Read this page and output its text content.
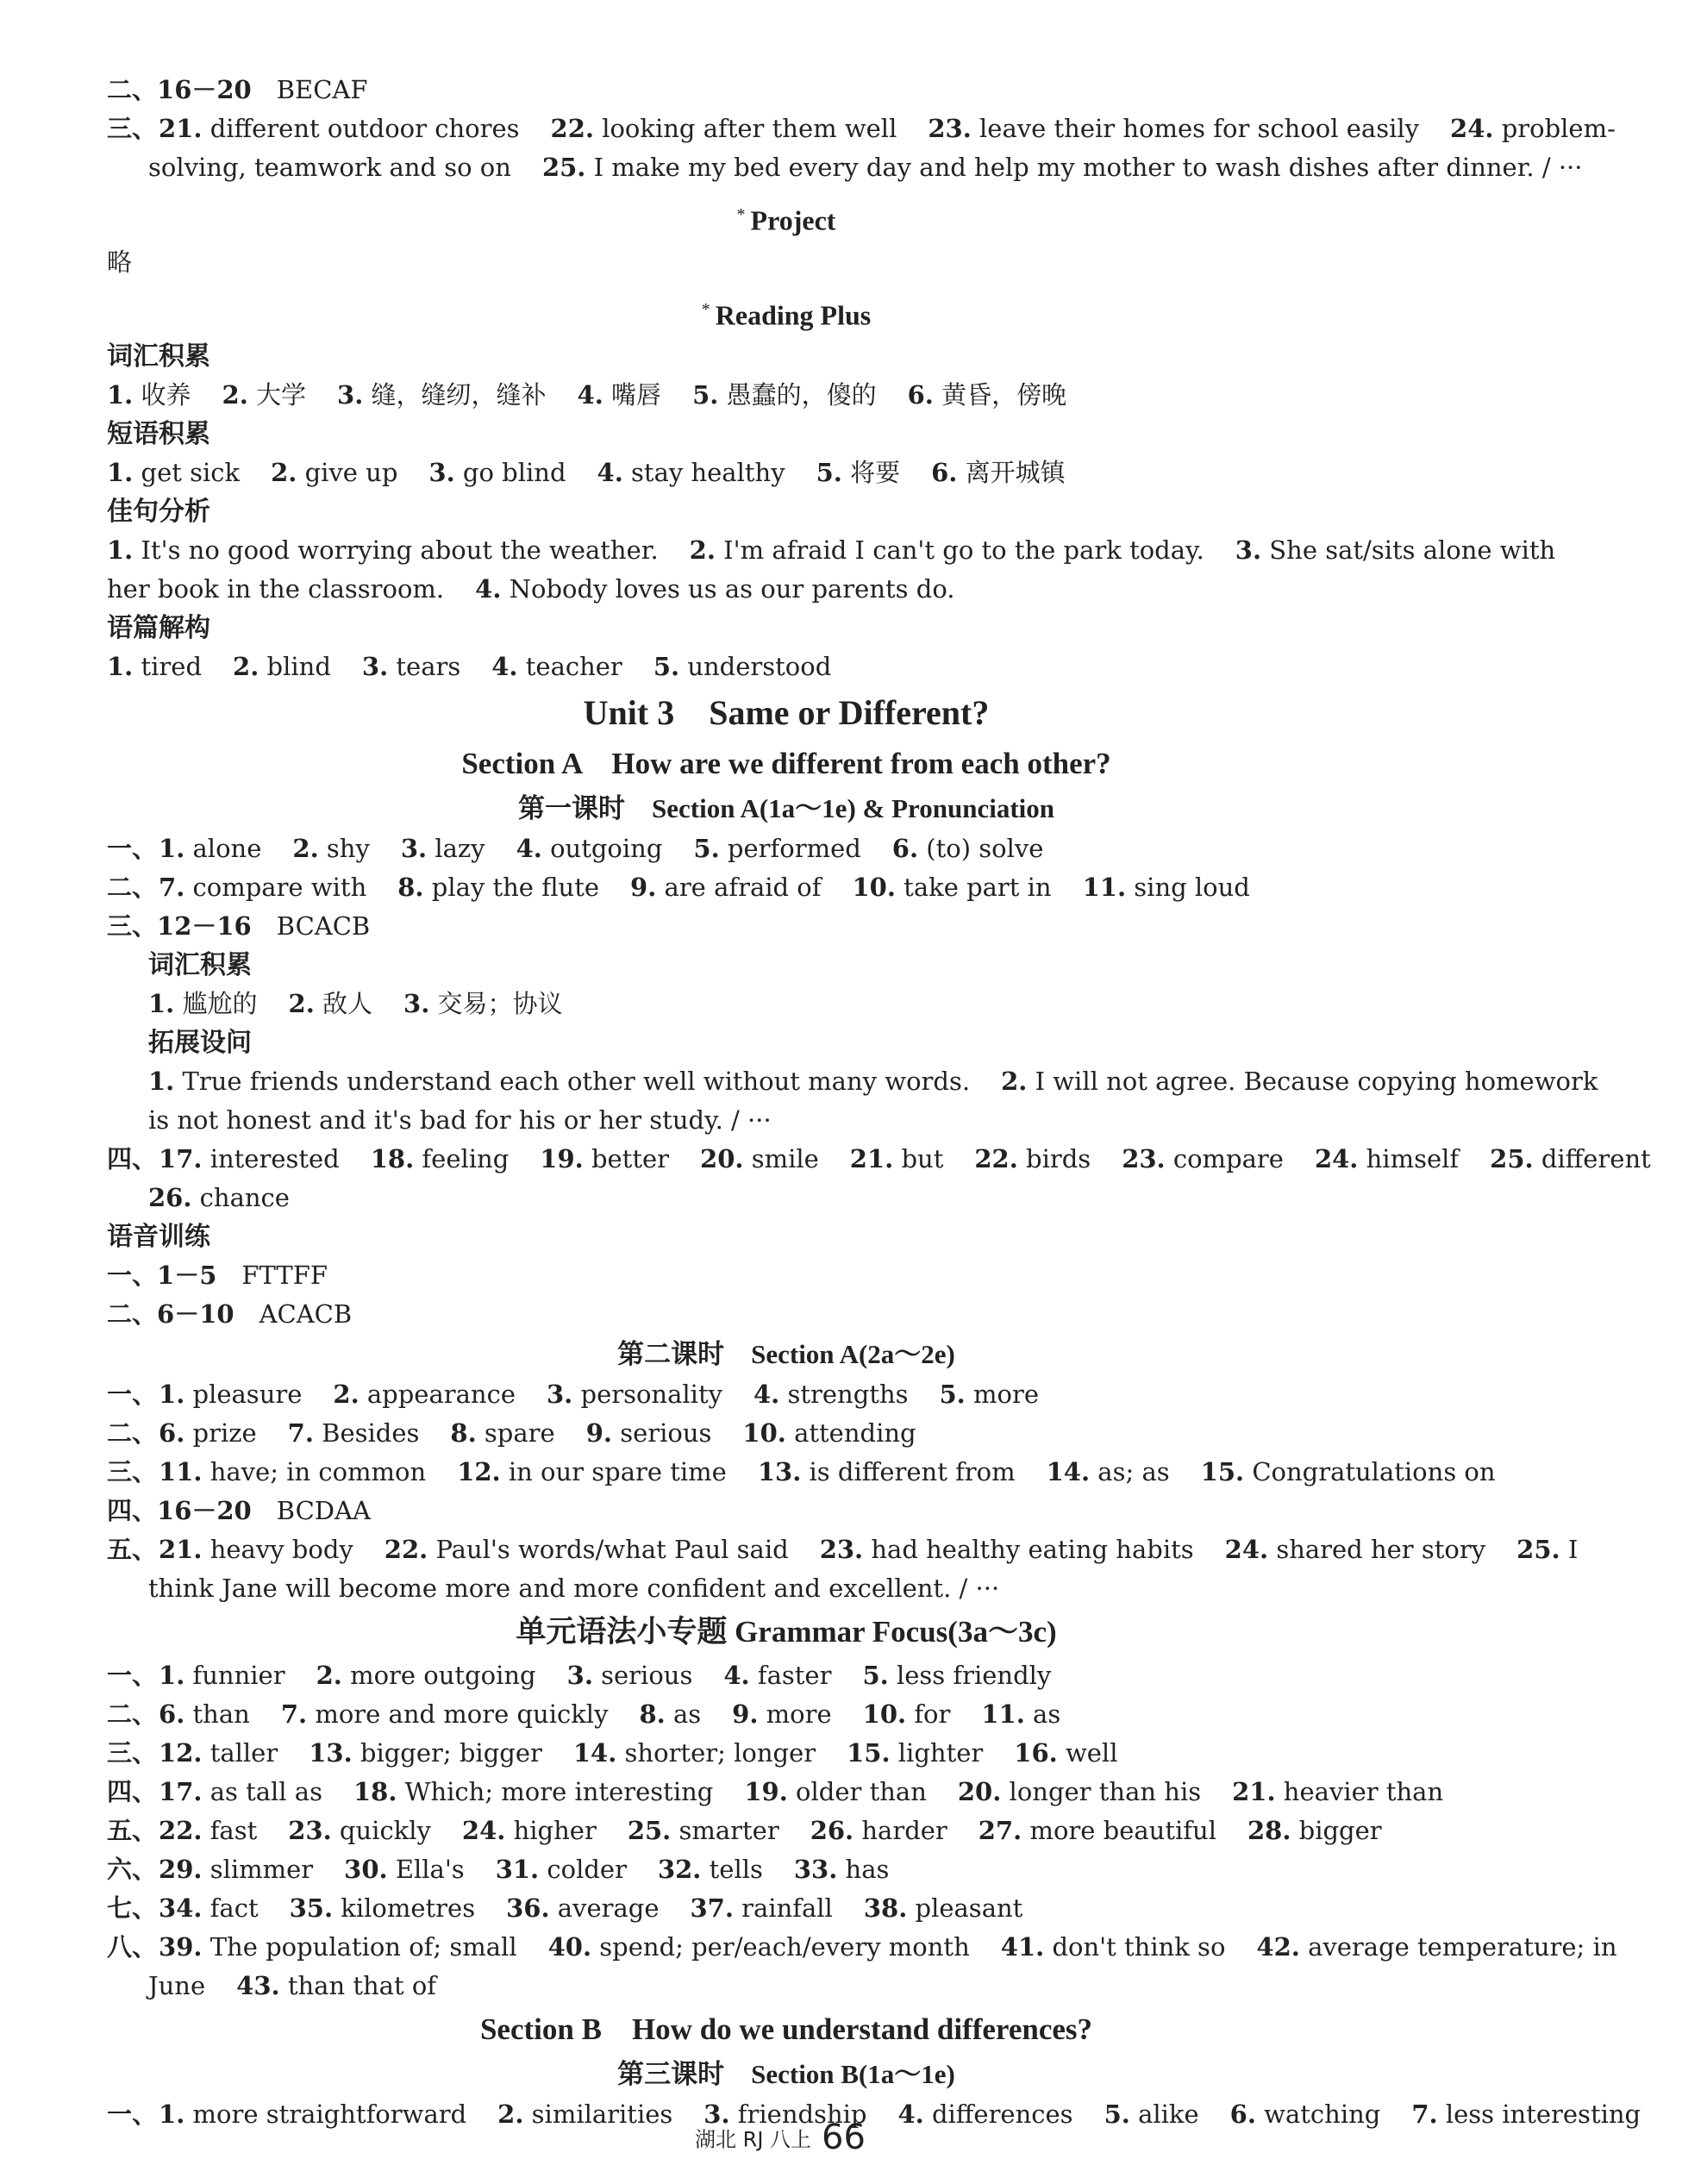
二、16－20　 BECAF
三、21. different outdoor chores 22. looking after them well 23. leave their homes for school easily 24. problem-
solving, teamwork and so on 25. I make my bed every day and help my mother to wash dishes after dinner. / ···
* Project
略
* Reading Plus
词汇积累
1. 收养 2. 大学 3. 缝，缝纫，缝补 4. 嘴唇 5. 愚蠢的，傻的 6. 黄昏，傍晚
短语积累
1. get sick 2. give up 3. go blind 4. stay healthy 5. 将要 6. 离开城镇
佳句分析
1. It's no good worrying about the weather. 2. I'm afraid I can't go to the park today. 3. She sat/sits alone with
her book in the classroom. 4. Nobody loves us as our parents do.
语篇解构
1. tired 2. blind 3. tears 4. teacher 5. understood
Unit 3　Same or Different?
Section A　How are we different from each other?
第一课时　Section A(1a～1e) & Pronunciation
一、1. alone 2. shy 3. lazy 4. outgoing 5. performed 6. (to) solve
二、7. compare with 8. play the flute 9. are afraid of 10. take part in 11. sing loud
三、12－16　 BCACB
词汇积累
1. 尴尬的 2. 敌人 3. 交易；协议
拓展设问
1. True friends understand each other well without many words. 2. I will not agree. Because copying homework
is not honest and it's bad for his or her study. / ···
四、17. interested 18. feeling 19. better 20. smile 21. but 22. birds 23. compare 24. himself 25. different
26. chance
语音训练
一、1－5　 FTTFF
二、6－10　 ACACB
第二课时　Section A(2a～2e)
一、1. pleasure 2. appearance 3. personality 4. strengths 5. more
二、6. prize 7. Besides 8. spare 9. serious 10. attending
三、11. have; in common 12. in our spare time 13. is different from 14. as; as 15. Congratulations on
四、16－20　 BCDAA
五、21. heavy body 22. Paul's words/what Paul said 23. had healthy eating habits 24. shared her story 25. I
think Jane will become more and more confident and excellent. / ···
单元语法小专题 Grammar Focus(3a～3c)
一、1. funnier 2. more outgoing 3. serious 4. faster 5. less friendly
二、6. than 7. more and more quickly 8. as 9. more 10. for 11. as
三、12. taller 13. bigger; bigger 14. shorter; longer 15. lighter 16. well
四、17. as tall as 18. Which; more interesting 19. older than 20. longer than his 21. heavier than
五、22. fast 23. quickly 24. higher 25. smarter 26. harder 27. more beautiful 28. bigger
六、29. slimmer 30. Ella's 31. colder 32. tells 33. has
七、34. fact 35. kilometres 36. average 37. rainfall 38. pleasant
八、39. The population of; small 40. spend; per/each/every month 41. don't think so 42. average temperature; in
June 43. than that of
Section B　How do we understand differences?
第三课时　Section B(1a～1e)
一、1. more straightforward 2. similarities 3. friendship 4. differences 5. alike 6. watching 7. less interesting
湖北 RJ 八上 66
